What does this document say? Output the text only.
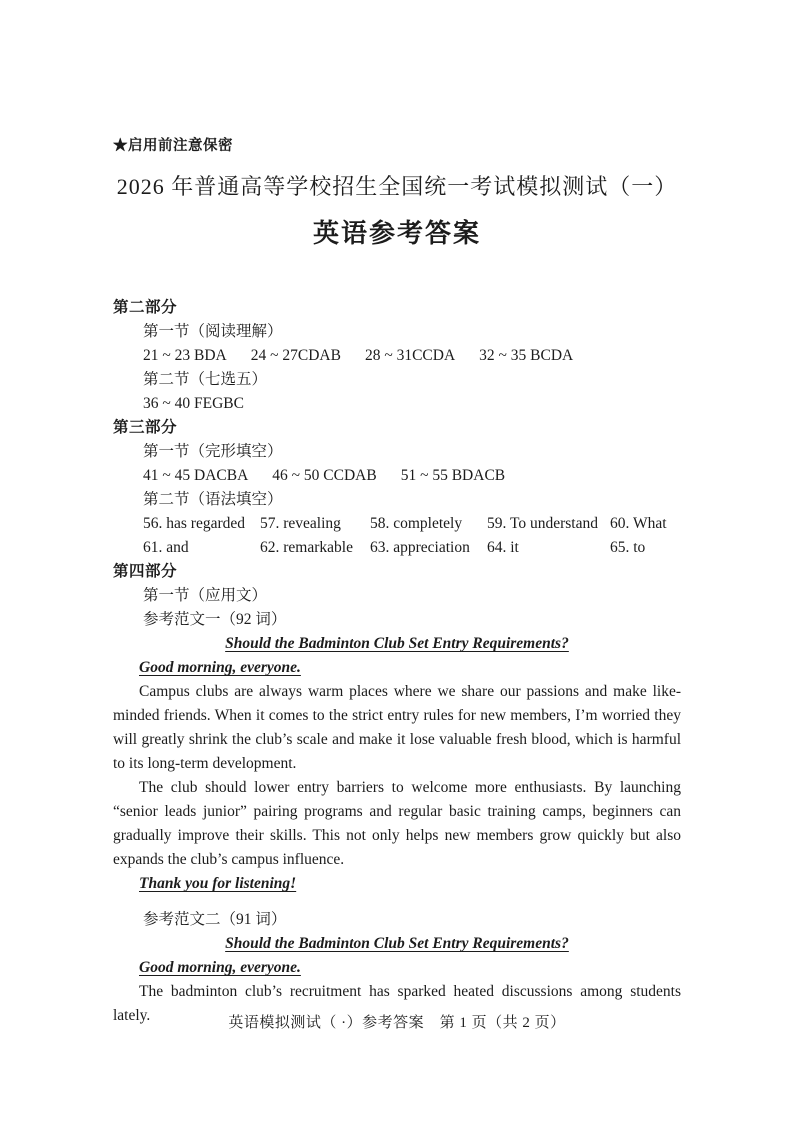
★启用前注意保密
2026 年普通高等学校招生全国统一考试模拟测试（一）
英语参考答案
第二部分
第一节（阅读理解）
21 ~ 23 BDA 24 ~ 27CDAB 28 ~ 31CCDA 32 ~ 35 BCDA
第二节（七选五）
36 ~ 40 FEGBC
第三部分
第一节（完形填空）
41 ~ 45 DACBA 46 ~ 50 CCDAB 51 ~ 55 BDACB
第二节（语法填空）
56. has regarded 57. revealing	58. completely	59. To understand 60. What
61. and	62. remarkable	63. appreciation	64. it	65. to
第四部分
第一节（应用文）
参考范文一（92 词）
Should the Badminton Club Set Entry Requirements?
Good morning, everyone.

Campus clubs are always warm places where we share our passions and make like-minded friends. When it comes to the strict entry rules for new members, I’m worried they will greatly shrink the club’s scale and make it lose valuable fresh blood, which is harmful to its long-term development.

The club should lower entry barriers to welcome more enthusiasts. By launching “senior leads junior” pairing programs and regular basic training camps, beginners can gradually improve their skills. This not only helps new members grow quickly but also expands the club’s campus influence.

Thank you for listening!
参考范文二（91 词）
Should the Badminton Club Set Entry Requirements?
Good morning, everyone.

The badminton club’s recruitment has sparked heated discussions among students lately.	英语模拟测试（ ·）参考答案　第 1 页（共 2 页）
